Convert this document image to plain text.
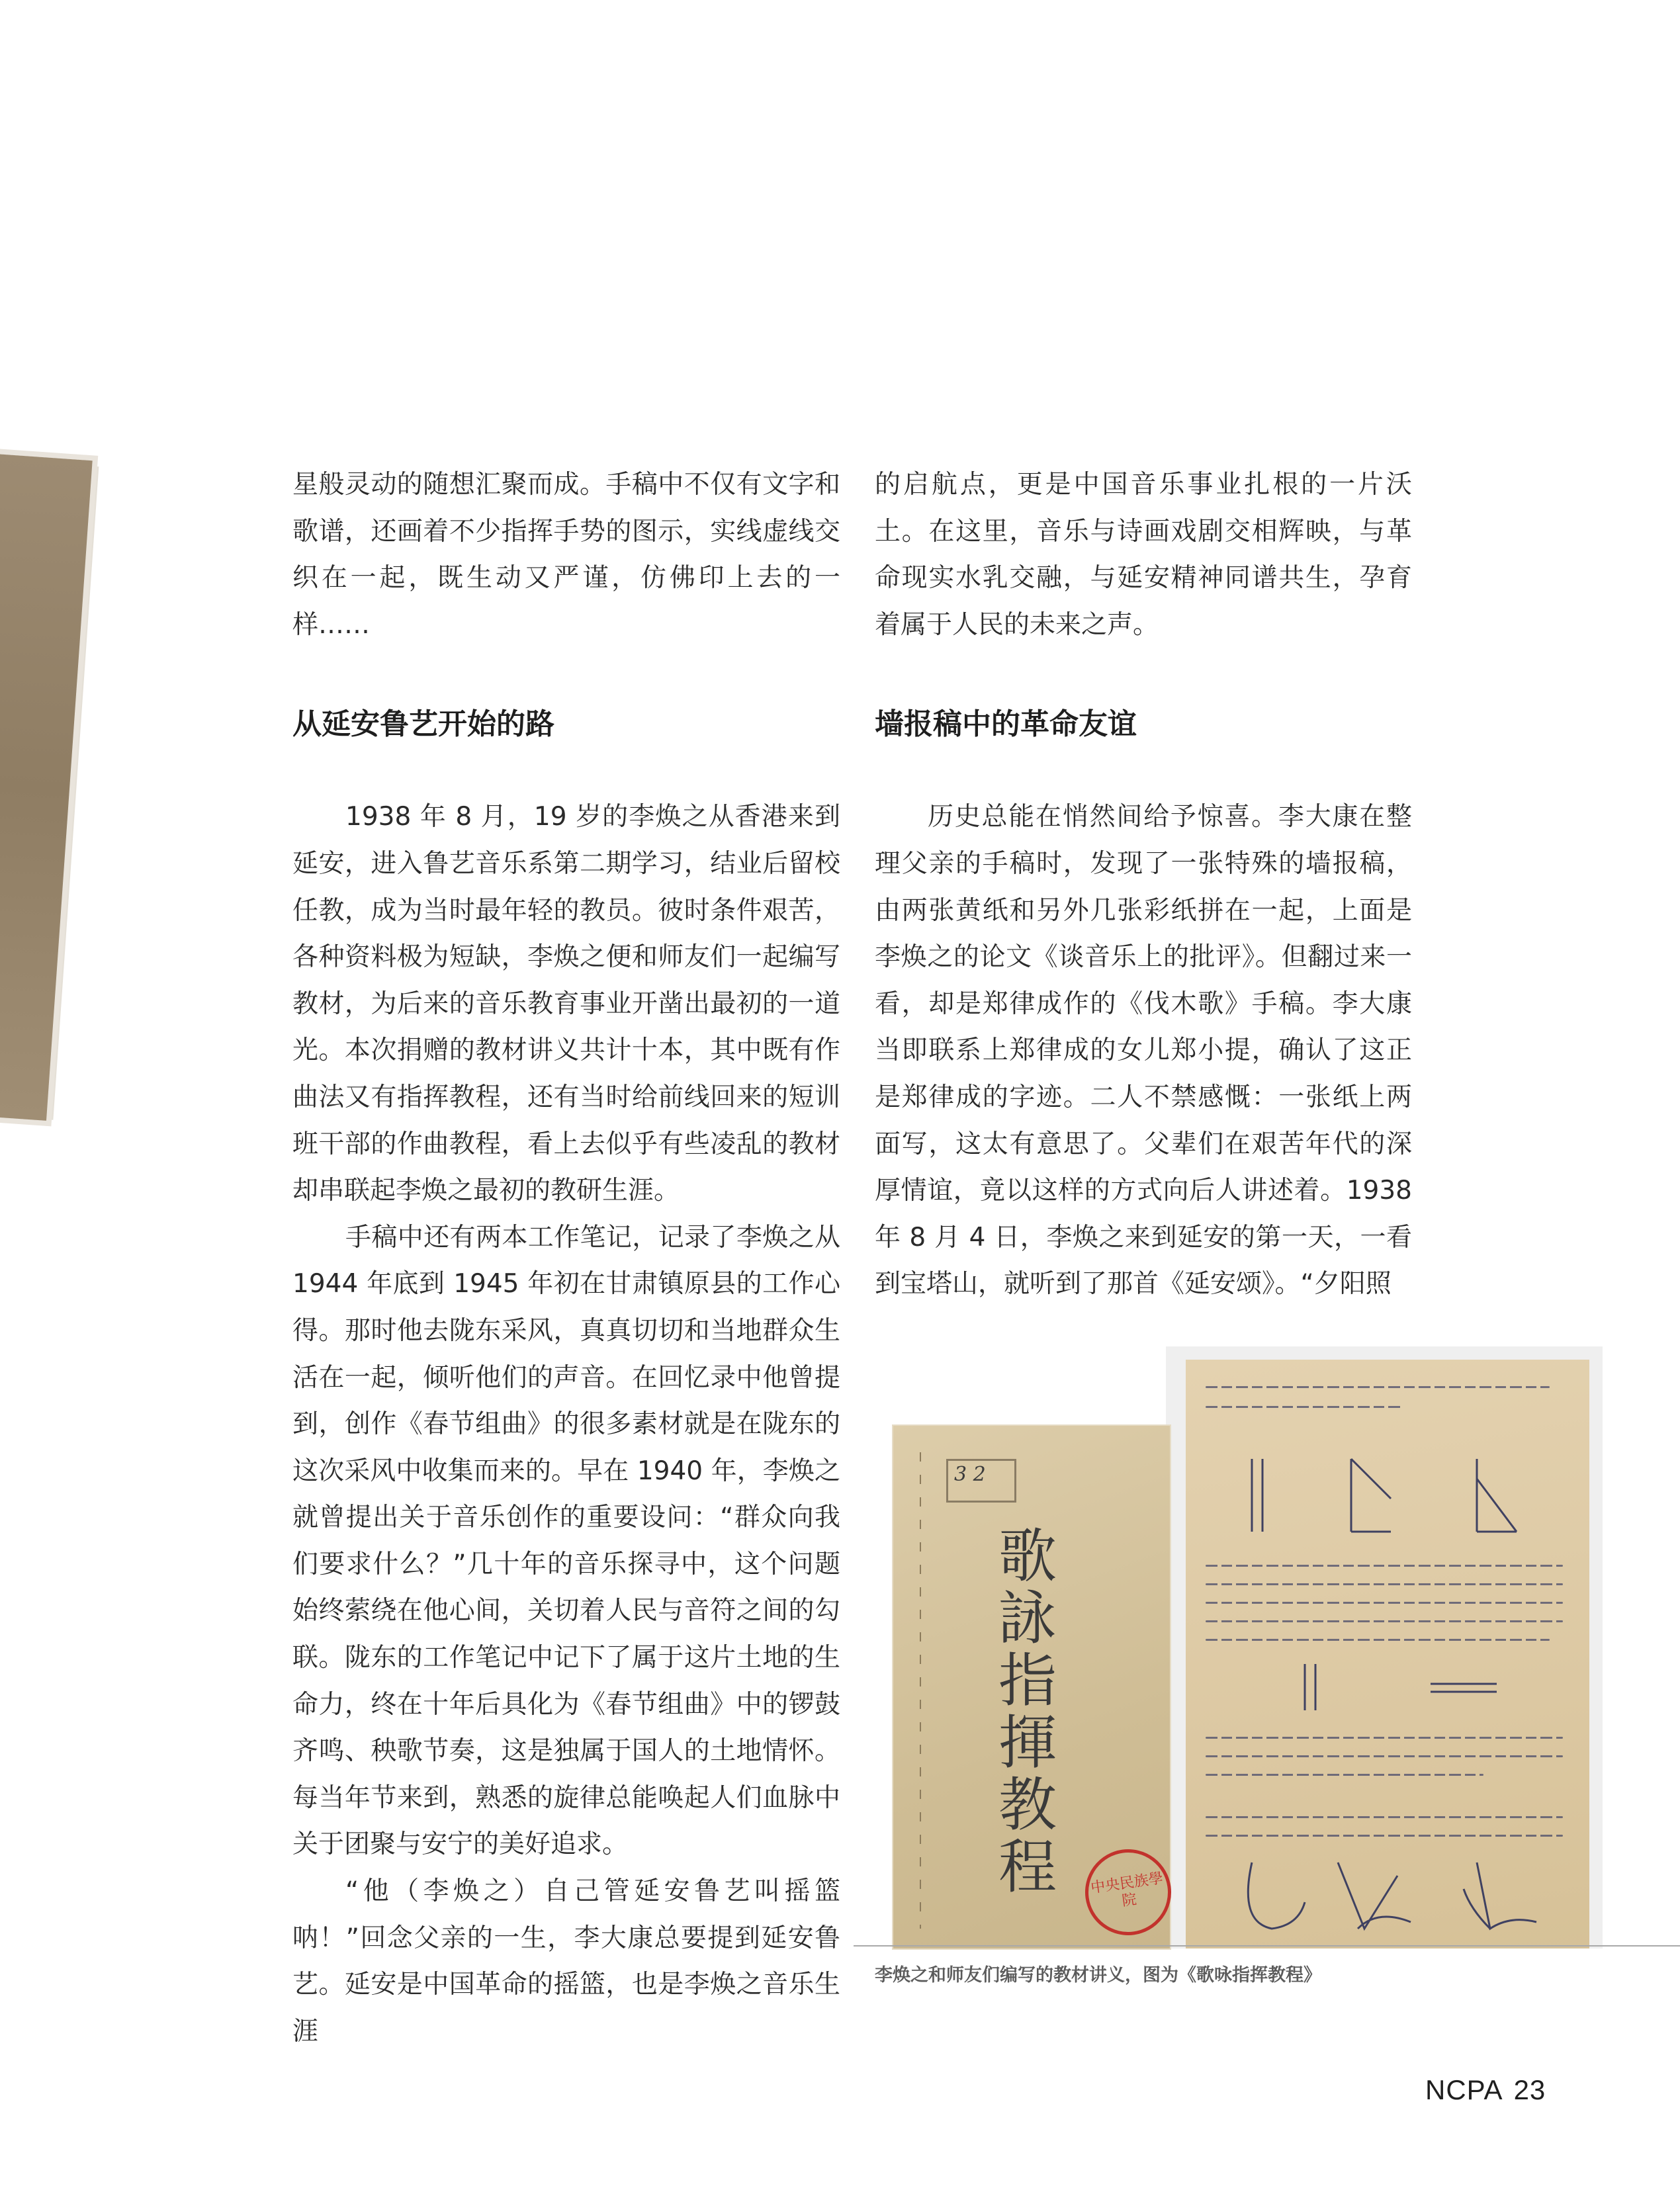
星般灵动的随想汇聚而成。手稿中不仅有文字和歌谱，还画着不少指挥手势的图示，实线虚线交织在一起，既生动又严谨，仿佛印上去的一样……

从延安鲁艺开始的路

1938 年 8 月，19 岁的李焕之从香港来到延安，进入鲁艺音乐系第二期学习，结业后留校任教，成为当时最年轻的教员。彼时条件艰苦，各种资料极为短缺，李焕之便和师友们一起编写教材，为后来的音乐教育事业开凿出最初的一道光。本次捐赠的教材讲义共计十本，其中既有作曲法又有指挥教程，还有当时给前线回来的短训班干部的作曲教程，看上去似乎有些凌乱的教材却串联起李焕之最初的教研生涯。

手稿中还有两本工作笔记，记录了李焕之从 1944 年底到 1945 年初在甘肃镇原县的工作心得。那时他去陇东采风，真真切切和当地群众生活在一起，倾听他们的声音。在回忆录中他曾提到，创作《春节组曲》的很多素材就是在陇东的这次采风中收集而来的。早在 1940 年，李焕之就曾提出关于音乐创作的重要设问：“群众向我们要求什么？”几十年的音乐探寻中，这个问题始终萦绕在他心间，关切着人民与音符之间的勾联。陇东的工作笔记中记下了属于这片土地的生命力，终在十年后具化为《春节组曲》中的锣鼓齐鸣、秧歌节奏，这是独属于国人的土地情怀。每当年节来到，熟悉的旋律总能唤起人们血脉中关于团聚与安宁的美好追求。

“他（李焕之）自己管延安鲁艺叫摇篮呐！”回念父亲的一生，李大康总要提到延安鲁艺。延安是中国革命的摇篮，也是李焕之音乐生涯

的启航点，更是中国音乐事业扎根的一片沃土。在这里，音乐与诗画戏剧交相辉映，与革命现实水乳交融，与延安精神同谱共生，孕育着属于人民的未来之声。

墙报稿中的革命友谊

历史总能在悄然间给予惊喜。李大康在整理父亲的手稿时，发现了一张特殊的墙报稿，由两张黄纸和另外几张彩纸拼在一起，上面是李焕之的论文《谈音乐上的批评》。但翻过来一看，却是郑律成作的《伐木歌》手稿。李大康当即联系上郑律成的女儿郑小提，确认了这正是郑律成的字迹。二人不禁感慨：一张纸上两面写，这太有意思了。父辈们在艰苦年代的深厚情谊，竟以这样的方式向后人讲述着。1938 年 8 月 4 日，李焕之来到延安的第一天，一看到宝塔山，就听到了那首《延安颂》。“夕阳照

3 2
歌詠指揮教程	中央民族學院
李焕之和师友们编写的教材讲义，图为《歌咏指挥教程》
NCPA 23
